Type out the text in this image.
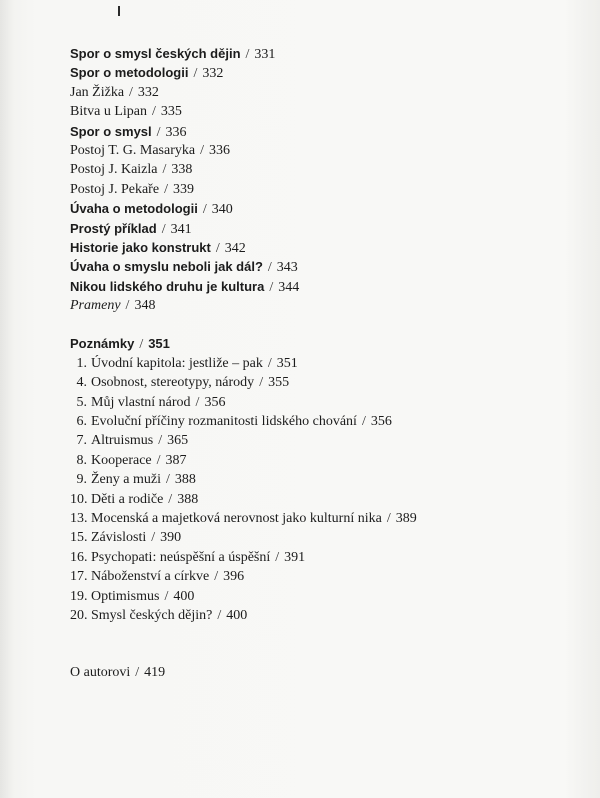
Spor o smysl českých dějin / 331
Spor o metodologii / 332
Jan Žižka / 332
Bitva u Lipan / 335
Spor o smysl / 336
Postoj T. G. Masaryka / 336
Postoj J. Kaizla / 338
Postoj J. Pekaře / 339
Úvaha o metodologii / 340
Prostý příklad / 341
Historie jako konstrukt / 342
Úvaha o smyslu neboli jak dál? / 343
Nikou lidského druhu je kultura / 344
Prameny / 348
Poznámky / 351
1. Úvodní kapitola: jestliže – pak / 351
4. Osobnost, stereotypy, národy / 355
5. Můj vlastní národ / 356
6. Evoluční příčiny rozmanitosti lidského chování / 356
7. Altruismus / 365
8. Kooperace / 387
9. Ženy a muži / 388
10. Děti a rodiče / 388
13. Mocenská a majetková nerovnost jako kulturní nika / 389
15. Závislosti / 390
16. Psychopati: neúspěšní a úspěšní / 391
17. Náboženství a církve / 396
19. Optimismus / 400
20. Smysl českých dějin? / 400
O autorovi / 419
